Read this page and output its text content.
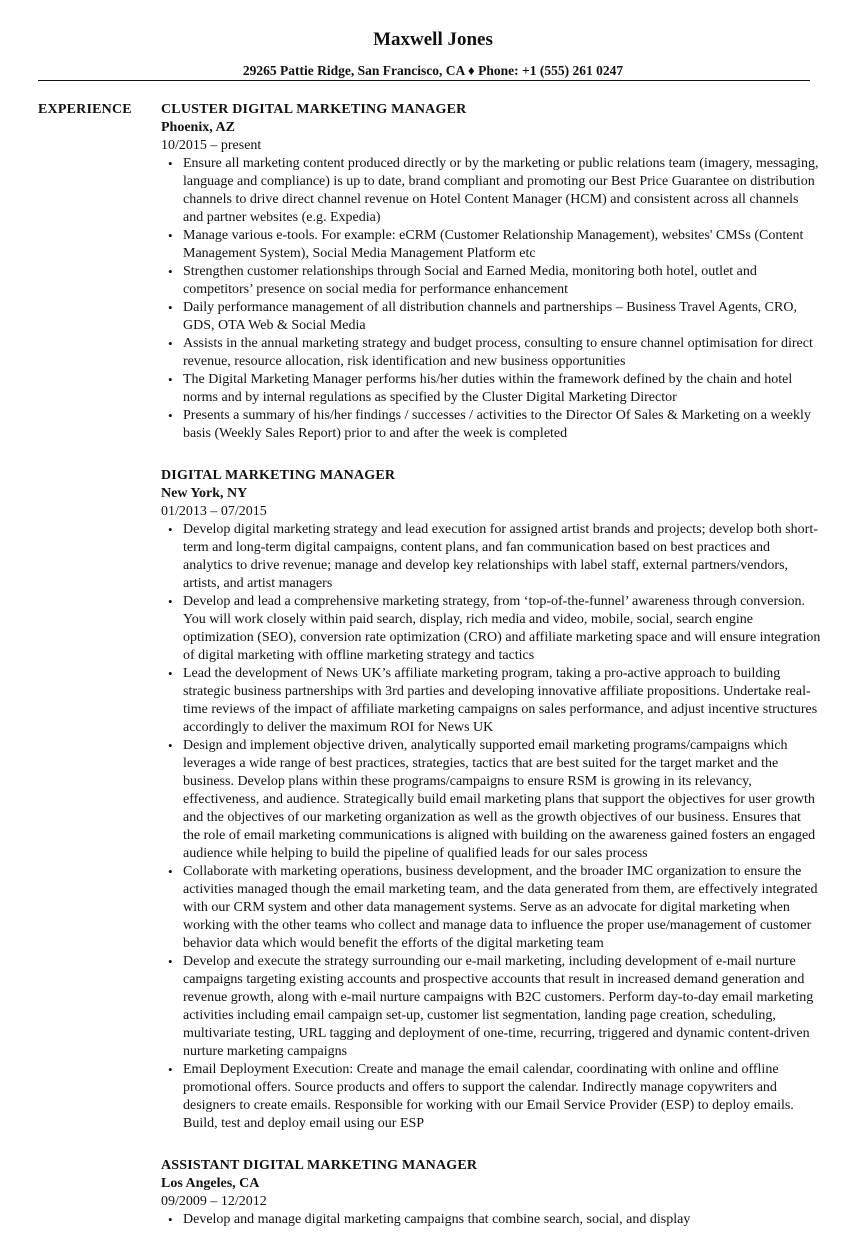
Maxwell Jones
29265 Pattie Ridge, San Francisco, CA ♦ Phone: +1 (555) 261 0247
EXPERIENCE CLUSTER DIGITAL MARKETING MANAGER
Phoenix, AZ
10/2015 – present
• Ensure all marketing content produced directly or by the marketing or public relations team (imagery, messaging, language and compliance) is up to date, brand compliant and promoting our Best Price Guarantee on distribution channels to drive direct channel revenue on Hotel Content Manager (HCM) and consistent across all channels and partner websites (e.g. Expedia)
• Manage various e-tools. For example: eCRM (Customer Relationship Management), websites' CMSs (Content Management System), Social Media Management Platform etc
• Strengthen customer relationships through Social and Earned Media, monitoring both hotel, outlet and competitors’ presence on social media for performance enhancement
• Daily performance management of all distribution channels and partnerships – Business Travel Agents, CRO, GDS, OTA Web & Social Media
• Assists in the annual marketing strategy and budget process, consulting to ensure channel optimisation for direct revenue, resource allocation, risk identification and new business opportunities
• The Digital Marketing Manager performs his/her duties within the framework defined by the chain and hotel norms and by internal regulations as specified by the Cluster Digital Marketing Director
• Presents a summary of his/her findings / successes / activities to the Director Of Sales & Marketing on a weekly basis (Weekly Sales Report) prior to and after the week is completed
DIGITAL MARKETING MANAGER
New York, NY
01/2013 – 07/2015
• Develop digital marketing strategy and lead execution for assigned artist brands and projects; develop both short-term and long-term digital campaigns, content plans, and fan communication based on best practices and analytics to drive revenue; manage and develop key relationships with label staff, external partners/vendors, artists, and artist managers
• Develop and lead a comprehensive marketing strategy, from ‘top-of-the-funnel’ awareness through conversion. You will work closely within paid search, display, rich media and video, mobile, social, search engine optimization (SEO), conversion rate optimization (CRO) and affiliate marketing space and will ensure integration of digital marketing with offline marketing strategy and tactics
• Lead the development of News UK’s affiliate marketing program, taking a pro-active approach to building strategic business partnerships with 3rd parties and developing innovative affiliate propositions. Undertake real-time reviews of the impact of affiliate marketing campaigns on sales performance, and adjust incentive structures accordingly to deliver the maximum ROI for News UK
• Design and implement objective driven, analytically supported email marketing programs/campaigns which leverages a wide range of best practices, strategies, tactics that are best suited for the target market and the business. Develop plans within these programs/campaigns to ensure RSM is growing in its relevancy, effectiveness, and audience. Strategically build email marketing plans that support the objectives for user growth and the objectives of our marketing organization as well as the growth objectives of our business. Ensures that the role of email marketing communications is aligned with building on the awareness gained fosters an engaged audience while helping to build the pipeline of qualified leads for our sales process
• Collaborate with marketing operations, business development, and the broader IMC organization to ensure the activities managed though the email marketing team, and the data generated from them, are effectively integrated with our CRM system and other data management systems. Serve as an advocate for digital marketing when working with the other teams who collect and manage data to influence the proper use/management of customer behavior data which would benefit the efforts of the digital marketing team
• Develop and execute the strategy surrounding our e-mail marketing, including development of e-mail nurture campaigns targeting existing accounts and prospective accounts that result in increased demand generation and revenue growth, along with e-mail nurture campaigns with B2C customers. Perform day-to-day email marketing activities including email campaign set-up, customer list segmentation, landing page creation, scheduling, multivariate testing, URL tagging and deployment of one-time, recurring, triggered and dynamic content-driven nurture marketing campaigns
• Email Deployment Execution: Create and manage the email calendar, coordinating with online and offline promotional offers. Source products and offers to support the calendar. Indirectly manage copywriters and designers to create emails. Responsible for working with our Email Service Provider (ESP) to deploy emails. Build, test and deploy email using our ESP
ASSISTANT DIGITAL MARKETING MANAGER
Los Angeles, CA
09/2009 – 12/2012
• Develop and manage digital marketing campaigns that combine search, social, and display
